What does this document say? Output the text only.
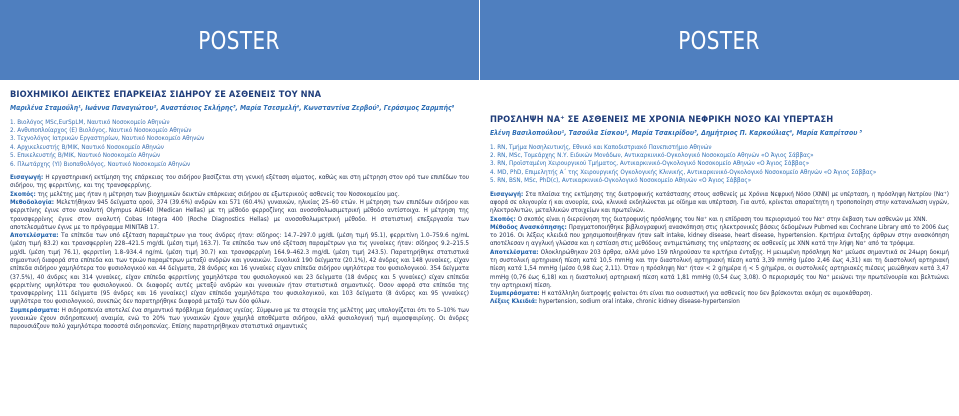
POSTER
ΒΙΟΧΗΜΙΚΟΙ ΔΕΙΚΤΕΣ ΕΠΑΡΚΕΙΑΣ ΣΙΔΗΡΟΥ ΣΕ ΑΣΘΕΝΕΙΣ ΤΟΥ ΝΝΑ
Μαριλένα Σταμούλη¹, Ιωάννα Παναγιώτου², Αναστάσιος Σκλήρης³, Μαρία Τσεσμελή⁴, Κωνσταντίνα Ζερβού⁵, Γεράσιμος Ζαρμπής⁶
1. Βιολόγος MSc,EurSpLM, Ναυτικό Νοσοκομείο Αθηνών
2. Ανθυποπλοίαρχος (Ε) Βιολόγος, Ναυτικό Νοσοκομείο Αθηνών
3. Τεχνολόγος Ιατρικών Εργαστηρίων, Ναυτικό Νοσοκομείο Αθηνών
4. Αρχικελευστής Β/ΜΙΚ, Ναυτικό Νοσοκομείο Αθηνών
5. Επικελευστής Β/ΜΙΚ, Ναυτικό Νοσοκομείο Αθηνών
6. Πλωτάρχης (ΥΙ) Βιοπαθολόγος, Ναυτικό Νοσοκομείο Αθηνών

Εισαγωγή: Η εργαστηριακή εκτίμηση της επάρκειας του σιδήρου βασίζεται στη γενική εξέταση αίματος, καθώς και στη μέτρηση στον ορό των επιπέδων του σιδήρου, της φερριτίνης, και της τρανσφερρίνης.

Σκοπός: της μελέτης μας ήταν η μέτρηση των βιοχημικών δεικτών επάρκειας σιδήρου σε εξωτερικούς ασθενείς του Νοσοκομείου μας.

Μεθοδολογία: Μελετήθηκαν 945 δείγματα ορού, 374 (39.6%) ανδρών και 571 (60.4%) γυναικών, ηλικίας 25–60 ετών. Η μέτρηση των επιπέδων σιδήρου και φερριτίνης έγινε στον αναλυτή Olympus AU640 (Medican Hellas) με τη μέθοδο φερροζίνης και ανοσοθολωσιμετρική μέθοδο αντίστοιχα. Η μέτρηση της τρανσφερρίνης έγινε στον αναλυτή Cobas Integra 400 (Roche Diagnostics Hellas) με ανοσοθολωμετρική μέθοδο. Η στατιστική επεξεργασία των αποτελεσμάτων έγινε με το πρόγραμμα MINITAB 17.

Αποτελέσματα: Τα επίπεδα των υπό εξέταση παραμέτρων για τους άνδρες ήταν: σίδηρος: 14.7–297.0 μg/dL (μέση τιμή 95.1), φερριτίνη 1.0–759.6 ng/mL (μέση τιμή 83.2) και τρανσφερρίνη 228–421.5 mg/dL (μέση τιμή 163.7). Τα επίπεδα των υπό εξέταση παραμέτρων για τις γυναίκες ήταν: σίδηρος 9.2–215.5 μg/dL (μέση τιμή 76.1), φερριτίνη 1.8–934.4 ng/mL (μέση τιμή 30.7) και τρανσφερρίνη 164.9–462.3 mg/dL (μέση τιμή 243.5). Παρατηρήθηκε στατιστικά σημαντική διαφορά στα επίπεδα και των τριών παραμέτρων μεταξύ ανδρών και γυναικών. Συνολικά 190 δείγματα (20.1%), 42 άνδρες και 148 γυναίκες, είχαν επίπεδα σιδήρου χαμηλότερα του φυσιολογικού και 44 δείγματα, 28 άνδρες και 16 γυναίκες είχαν επίπεδα σιδήρου υψηλότερα του φυσιολογικού. 354 δείγματα (37.5%), 40 άνδρες και 314 γυναίκες, είχαν επίπεδα φερριτίνης χαμηλότερα του φυσιολογικού και 23 δείγματα (18 άνδρες και 5 γυναίκες) είχαν επίπεδα φερριτίνης υψηλότερα του φυσιολογικού. Οι διαφορές αυτές μεταξύ ανδρών και γυναικών ήταν στατιστικά σημαντικές. Όσον αφορά στα επίπεδα της τρανσφερρίνης 111 δείγματα (95 άνδρες και 16 γυναίκες) είχαν επίπεδα χαμηλότερα του φυσιολογικού, και 103 δείγματα (8 άνδρες και 95 γυναίκες) υψηλότερα του φυσιολογικού, συνεπώς δεν παρατηρήθηκε διαφορά μεταξύ των δύο φύλων.

Συμπεράσματα: Η σιδηροπενία αποτελεί ένα σημαντικό πρόβλημα δημόσιας υγείας. Σύμφωνα με τα στοιχεία της μελέτης μας υπολογίζεται ότι το 5–10% των γυναικών έχουν σιδηροπενική αναιμία, ενώ το 20% των γυναικών έχουν χαμηλά αποθέματα σιδήρου, αλλά φυσιολογική τιμή αιμοσφαιρίνης. Οι άνδρες παρουσιάζουν πολύ χαμηλότερα ποσοστά σιδηροπενίας. Επίσης παρατηρήθηκαν στατιστικά σημαντικές

POSTER
ΠΡΟΣΛΗΨΗ ΝΑ⁺ ΣΕ ΑΣΘΕΝΕΙΣ ΜΕ ΧΡΟΝΙΑ ΝΕΦΡΙΚΗ ΝΟΣΟ ΚΑΙ ΥΠΕΡΤΑΣΗ
Ελένη Βασιλοπούλου¹, Τασούλα Σίσκου², Μαρία Τσακιρίδου³, Δημήτριος Π. Καρκούλιας⁴, Μαρία Καπρίτσου ⁵
1. RN, Τμήμα Νοσηλευτικής, Εθνικό και Καποδιστριακό Πανεπιστήμιο Αθηνών
2. RN, MSc, Τομεάρχης Ν.Υ. Ειδικών Μονάδων, Αντικαρκινικό-Ογκολογικό Νοσοκομείο Αθηνών «Ο Άγιος Σάββας»
3. RN, Προϊσταμένη Χειρουργικού Τμήματος, Αντικαρκινικό-Ογκολογικό Νοσοκομείο Αθηνών «Ο Άγιος Σάββας»
4. MD, PhD, Επιμελητής Α΄ της Χειρουργικής Ογκολογικής Κλινικής, Αντικαρκινικό-Ογκολογικό Νοσοκομείο Αθηνών «Ο Άγιος Σάββας»
5. RN, BSN, MSc, PhD(c), Αντικαρκινικό-Ογκολογικό Νοσοκομείο Αθηνών «Ο Άγιος Σάββας»

Εισαγωγή: Στα πλαίσια της εκτίμησης της διατροφικής κατάστασης στους ασθενείς με Χρόνια Νεφρική Νόσο (ΧΝΝ) με υπέρταση, η πρόσληψη Νατρίου (Να⁺) αφορά σε ολιγουρία ή και ανουρία, ενώ, κλινικά εκδηλώνεται με οίδημα και υπέρταση. Για αυτό, κρίνεται απαραίτητη η τροποποίηση στην καταναλωση υγρών, ηλεκτρολυτών, μεταλλικών στοιχείων και πρωτεϊνών.

Σκοπός: Ο σκοπός είναι η διερεύνηση της διατροφικής πρόσληψης του Να⁺ και η επίδραση του περιορισμού του Να⁺ στην έκβαση των ασθενών με ΧΝΝ.

Μέθοδος Ανασκόπησης: Πραγματοποιήθηκε βιβλιογραφική ανασκόπηση στις ηλεκτρονικές βάσεις δεδομένων Pubmed και Cochrane Library από το 2006 έως το 2016. Οι λέξεις κλειδιά που χρησιμοποιήθηκαν ήταν salt intake, kidney disease, heart disease, hypertension. Κριτήρια ένταξης άρθρων στην ανασκόπηση αποτέλεσαν η αγγλική γλώσσα και η εστίαση στις μεθόδους αντιμετώπισης της υπέρτασης σε ασθενείς με ΧΝΝ κατά την λήψη Να⁺ από τα τρόφιμα.

Αποτελέσματα: Ολοκληρώθηκαν 203 άρθρα, αλλά μόνο 159 πληρούσαν τα κριτήρια ένταξης. Η μειωμένη πρόσληψη Να⁺ μείωσε σημαντικά σε 24ωρη δοκιμή τη συστολική αρτηριακή πίεση κατά 10,5 mmHg και την διαστολική αρτηριακή πίεση κατά 3,39 mmHg (μέσο 2,46 έως 4,31) και τη διαστολική αρτηριακή πίεση κατά 1,54 mmHg (μέσο 0,98 έως 2,11). Όταν η πρόσληψη Να⁺ ήταν < 2 g/ημέρα ή < 5 g/ημέρα, οι συστολικές αρτηριακές πιέσεις μειώθηκαν κατά 3,47 mmHg (0,76 έως 6,18) και η διαστολική αρτηριακή πίεση κατά 1,81 mmHg (0,54 έως 3,08). Ο περιορισμός του Να⁺ μειώνει την πρωτεϊνουρία και βελτιώνει την αρτηριακή πίεση.

Συμπεράσματα: Η κατάλληλη διατροφής φαίνεται ότι είναι πιο ουσιαστική για ασθενείς που δεν βρίσκονται ακόμη σε αιμοκάθαρση.

Λέξεις Κλειδιά: hypertension, sodium oral intake, chronic kidney disease-hypertension
